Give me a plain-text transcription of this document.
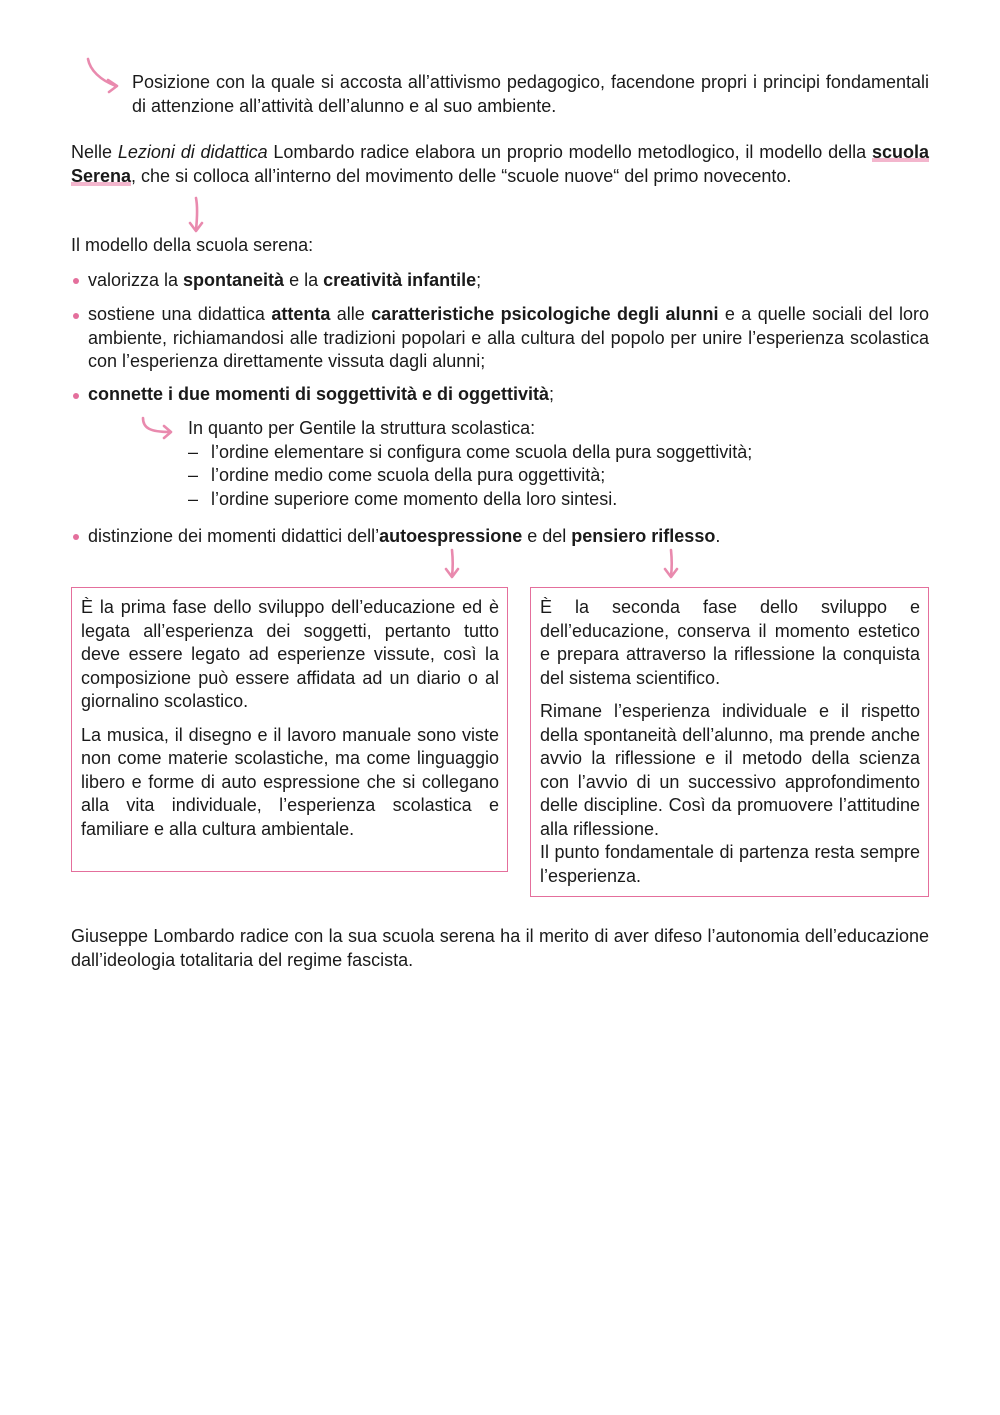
Posizione con la quale si accosta all’attivismo pedagogico, facendone propri i principi fondamentali di attenzione all’attività dell’alunno e al suo ambiente.
Nelle Lezioni di didattica Lombardo radice elabora un proprio modello metodlogico, il modello della scuola Serena, che si colloca all’interno del movimento delle “scuole nuove“ del primo novecento.
Il modello della scuola serena:
valorizza la spontaneità e la creatività infantile;
sostiene una didattica attenta alle caratteristiche psicologiche degli alunni e a quelle sociali del loro ambiente, richiamandosi alle tradizioni popolari e alla cultura del popolo per unire l’esperienza scolastica con l’esperienza direttamente vissuta dagli alunni;
connette i due momenti di soggettività e di oggettività;
In quanto per Gentile la struttura scolastica:
– l’ordine elementare si configura come scuola della pura soggettività;
– l’ordine medio come scuola della pura oggettività;
– l’ordine superiore come momento della loro sintesi.
distinzione dei momenti didattici dell’autoespressione e del pensiero riflesso.

È la prima fase dello sviluppo dell’educazione ed è legata all’esperienza dei soggetti, pertanto tutto deve essere legato ad esperienze vissute, così la composizione può essere affidata ad un diario o al giornalino scolastico.

La musica, il disegno e il lavoro manuale sono viste non come materie scolastiche, ma come linguaggio libero e forme di auto espressione che si collegano alla vita individuale, l’esperienza scolastica e familiare e alla cultura ambientale.

È la seconda fase dello sviluppo e dell’educazione, conserva il momento estetico e prepara attraverso la riflessione la conquista del sistema scientifico.

Rimane l’esperienza individuale e il rispetto della spontaneità dell’alunno, ma prende anche avvio la riflessione e il metodo della scienza con l’avvio di un successivo approfondimento delle discipline. Così da promuovere l’attitudine alla riflessione.

Il punto fondamentale di partenza resta sempre l’esperienza.

Giuseppe Lombardo radice con la sua scuola serena ha il merito di aver difeso l’autonomia dell’educazione dall’ideologia totalitaria del regime fascista.
